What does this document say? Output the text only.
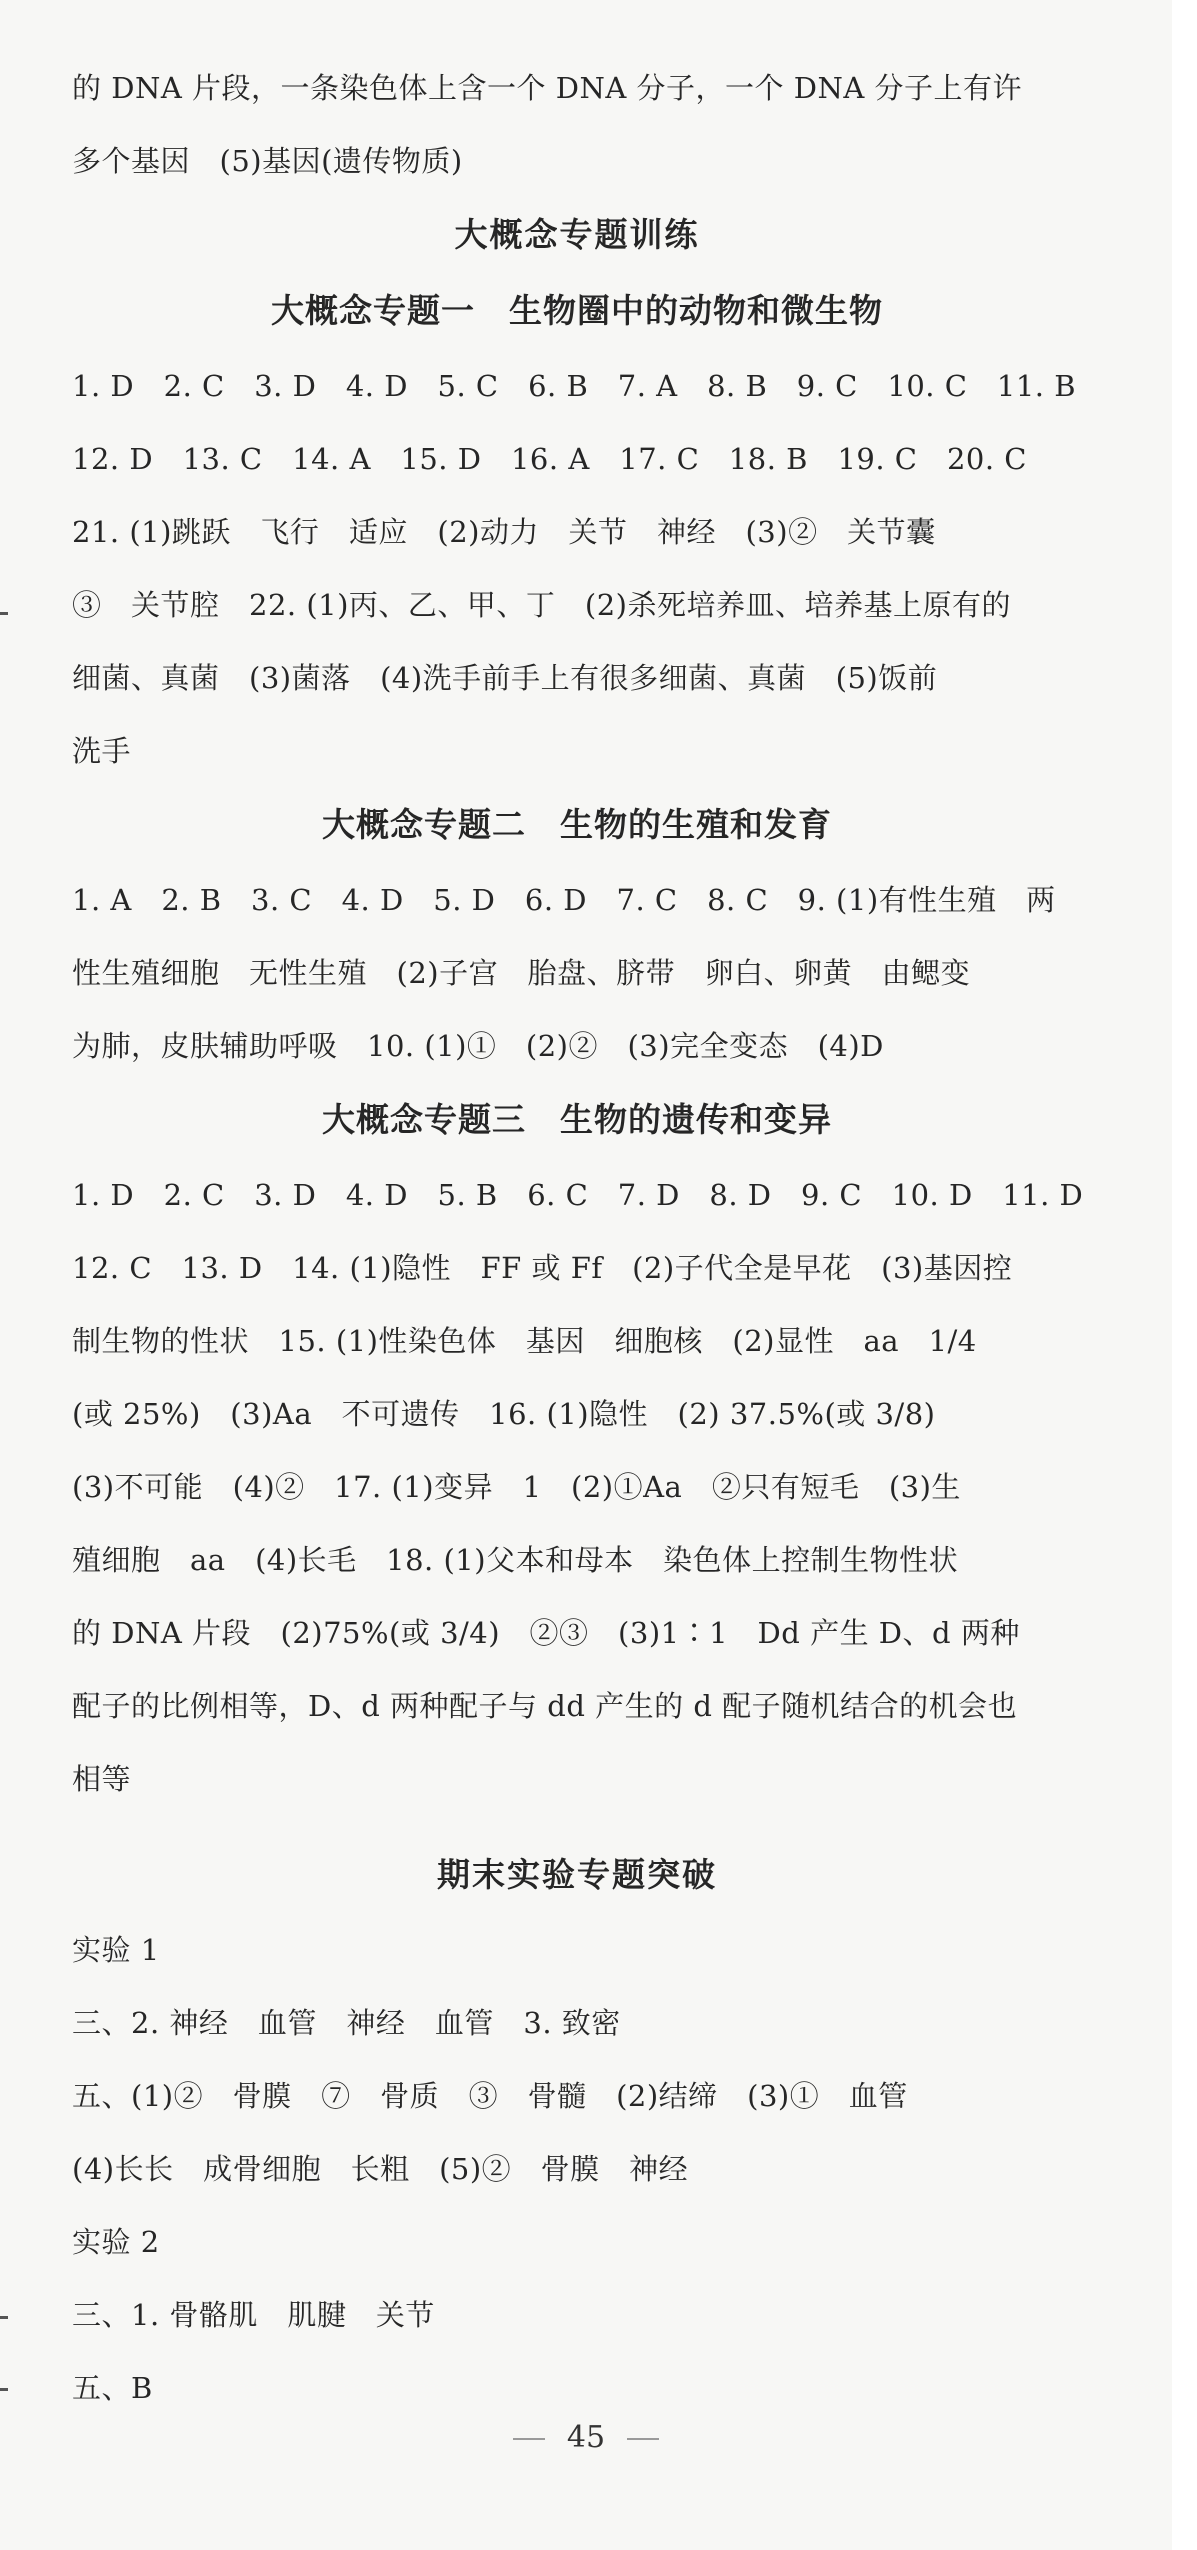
的 DNA 片段，一条染色体上含一个 DNA 分子，一个 DNA 分子上有许
多个基因　(5)基因(遗传物质)
大概念专题训练
大概念专题一　生物圈中的动物和微生物
1. D　2. C　3. D　4. D　5. C　6. B　7. A　8. B　9. C　10. C　11. B
12. D　13. C　14. A　15. D　16. A　17. C　18. B　19. C　20. C
21. (1)跳跃　飞行　适应　(2)动力　关节　神经　(3)②　关节囊
③　关节腔　22. (1)丙、乙、甲、丁　(2)杀死培养皿、培养基上原有的
细菌、真菌　(3)菌落　(4)洗手前手上有很多细菌、真菌　(5)饭前
洗手
大概念专题二　生物的生殖和发育
1. A　2. B　3. C　4. D　5. D　6. D　7. C　8. C　9. (1)有性生殖　两
性生殖细胞　无性生殖　(2)子宫　胎盘、脐带　卵白、卵黄　由鳃变
为肺，皮肤辅助呼吸　10. (1)①　(2)②　(3)完全变态　(4)D
大概念专题三　生物的遗传和变异
1. D　2. C　3. D　4. D　5. B　6. C　7. D　8. D　9. C　10. D　11. D
12. C　13. D　14. (1)隐性　FF 或 Ff　(2)子代全是早花　(3)基因控
制生物的性状　15. (1)性染色体　基因　细胞核　(2)显性　aa　1/4
(或 25%)　(3)Aa　不可遗传　16. (1)隐性　(2) 37.5%(或 3/8)
(3)不可能　(4)②　17. (1)变异　1　(2)①Aa　②只有短毛　(3)生
殖细胞　aa　(4)长毛　18. (1)父本和母本　染色体上控制生物性状
的 DNA 片段　(2)75%(或 3/4)　②③　(3)1∶1　Dd 产生 D、d 两种
配子的比例相等，D、d 两种配子与 dd 产生的 d 配子随机结合的机会也
相等
期末实验专题突破
实验 1
三、2. 神经　血管　神经　血管　3. 致密
五、(1)②　骨膜　⑦　骨质　③　骨髓　(2)结缔　(3)①　血管
(4)长长　成骨细胞　长粗　(5)②　骨膜　神经
实验 2
三、1. 骨骼肌　肌腱　关节
五、B
45
